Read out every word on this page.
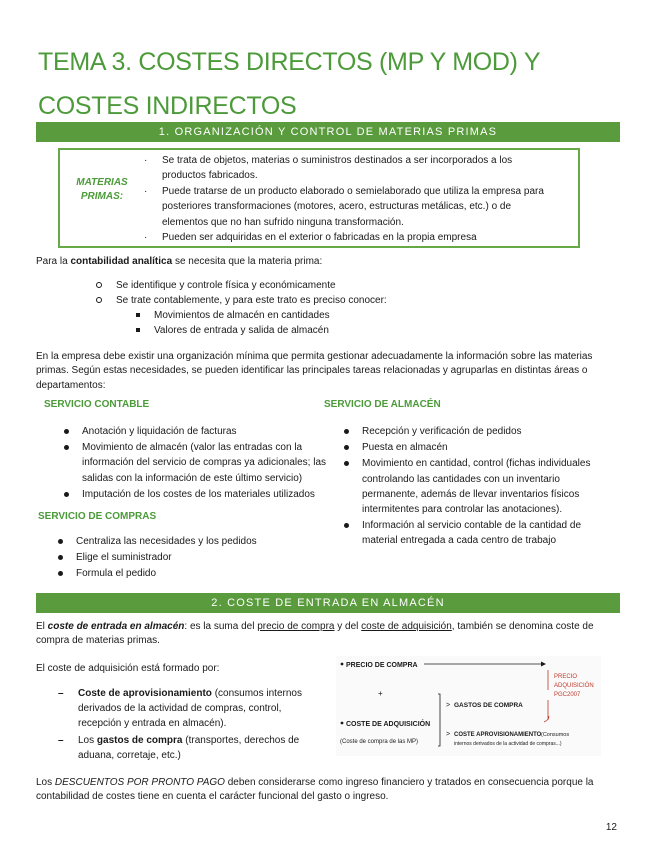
TEMA 3. COSTES DIRECTOS (MP Y MOD) Y
COSTES INDIRECTOS
1. ORGANIZACIÓN Y CONTROL DE MATERIAS PRIMAS
MATERIAS
PRIMAS:
· Se trata de objetos, materias o suministros destinados a ser incorporados a los productos fabricados.
· Puede tratarse de un producto elaborado o semielaborado que utiliza la empresa para posteriores transformaciones (motores, acero, estructuras metálicas, etc.) o de elementos que no han sufrido ninguna transformación.
· Pueden ser adquiridas en el exterior o fabricadas en la propia empresa
Para la contabilidad analítica se necesita que la materia prima:
Se identifique y controle física y económicamente
Se trate contablemente, y para este trato es preciso conocer:
Movimientos de almacén en cantidades
Valores de entrada y salida de almacén
En la empresa debe existir una organización mínima que permita gestionar adecuadamente la información sobre las materias primas. Según estas necesidades, se pueden identificar las principales tareas relacionadas y agruparlas en distintas áreas o departamentos:
SERVICIO CONTABLE
Anotación y liquidación de facturas
Movimiento de almacén (valor las entradas con la información del servicio de compras ya adicionales; las salidas con la información de este último servicio)
Imputación de los costes de los materiales utilizados
SERVICIO DE COMPRAS
Centraliza las necesidades y los pedidos
Elige el suministrador
Formula el pedido
SERVICIO DE ALMACÉN
Recepción y verificación de pedidos
Puesta en almacén
Movimiento en cantidad, control (fichas individuales controlando las cantidades con un inventario permanente, además de llevar inventarios físicos intermitentes para controlar las anotaciones).
Información al servicio contable de la cantidad de material entregada a cada centro de trabajo
2. COSTE DE ENTRADA EN ALMACÉN
El coste de entrada en almacén: es la suma del precio de compra y del coste de adquisición, también se denomina coste de compra de materias primas.
El coste de adquisición está formado por:
– Coste de aprovisionamiento (consumos internos derivados de la actividad de compras, control, recepción y entrada en almacén).
– Los gastos de compra (transportes, derechos de aduana, corretaje, etc.)
PRECIO DE COMPRA
+
COSTE DE ADQUISICIÓN
(Coste de compra de las MP)
> GASTOS DE COMPRA
> COSTE APROVISIONAMIENTO (Consumos
internos derivados de la actividad de compras...)
PRECIO
ADQUISICIÓN
PGC2007
Los DESCUENTOS POR PRONTO PAGO deben considerarse como ingreso financiero y tratados en consecuencia porque la contabilidad de costes tiene en cuenta el carácter funcional del gasto o ingreso.
12
